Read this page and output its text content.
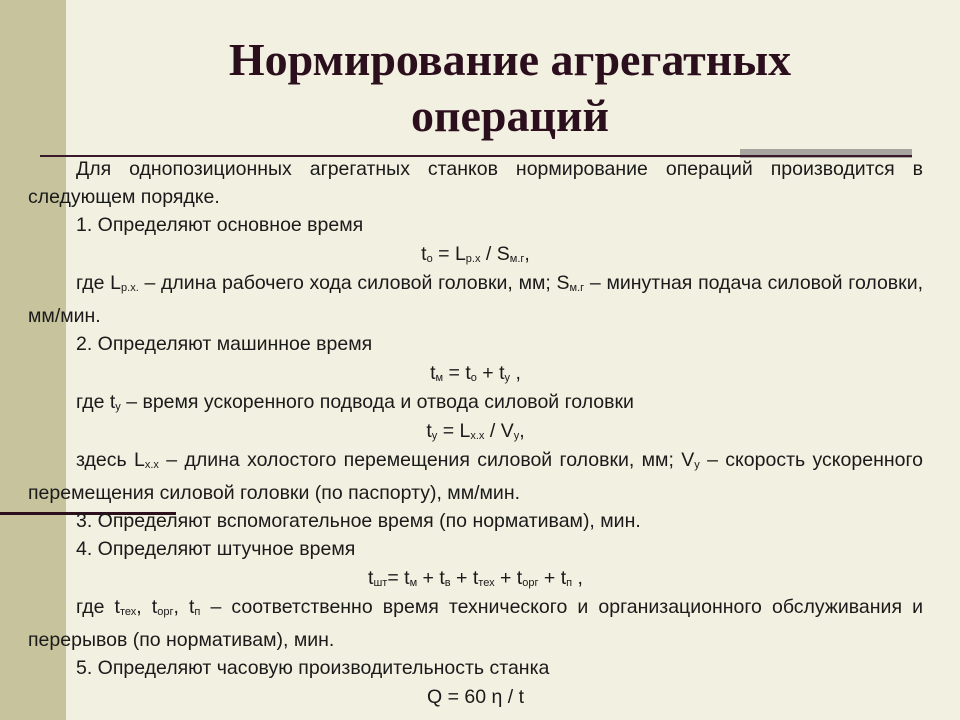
Нормирование агрегатных
операций
Для однопозиционных агрегатных станков нормирование операций производится в следующем порядке.
1. Определяют основное время
$t_о = L_{р.х} / S_{м.г}$,
где $L_{р.х.}$ – длина рабочего хода силовой головки, мм; $S_{м.г}$ – минутная подача силовой головки, мм/мин.
2. Определяют машинное время
$t_м = t_о + t_у$ ,
где $t_у$ – время ускоренного подвода и отвода силовой головки
$t_у = L_{х.х} / V_у$,
здесь $L_{х.х}$ – длина холостого перемещения силовой головки, мм; $V_у$ – скорость ускоренного перемещения силовой головки (по паспорту), мм/мин.
3. Определяют вспомогательное время (по нормативам), мин.
4. Определяют штучное время
$t_{шт}= t_м + t_в + t_{тех} + t_{орг} + t_п$ ,
где $t_{тех}$, $t_{орг}$, $t_п$ – соответственно время технического и организационного обслуживания и перерывов (по нормативам), мин.
5. Определяют часовую производительность станка
Q = 60 η / t
